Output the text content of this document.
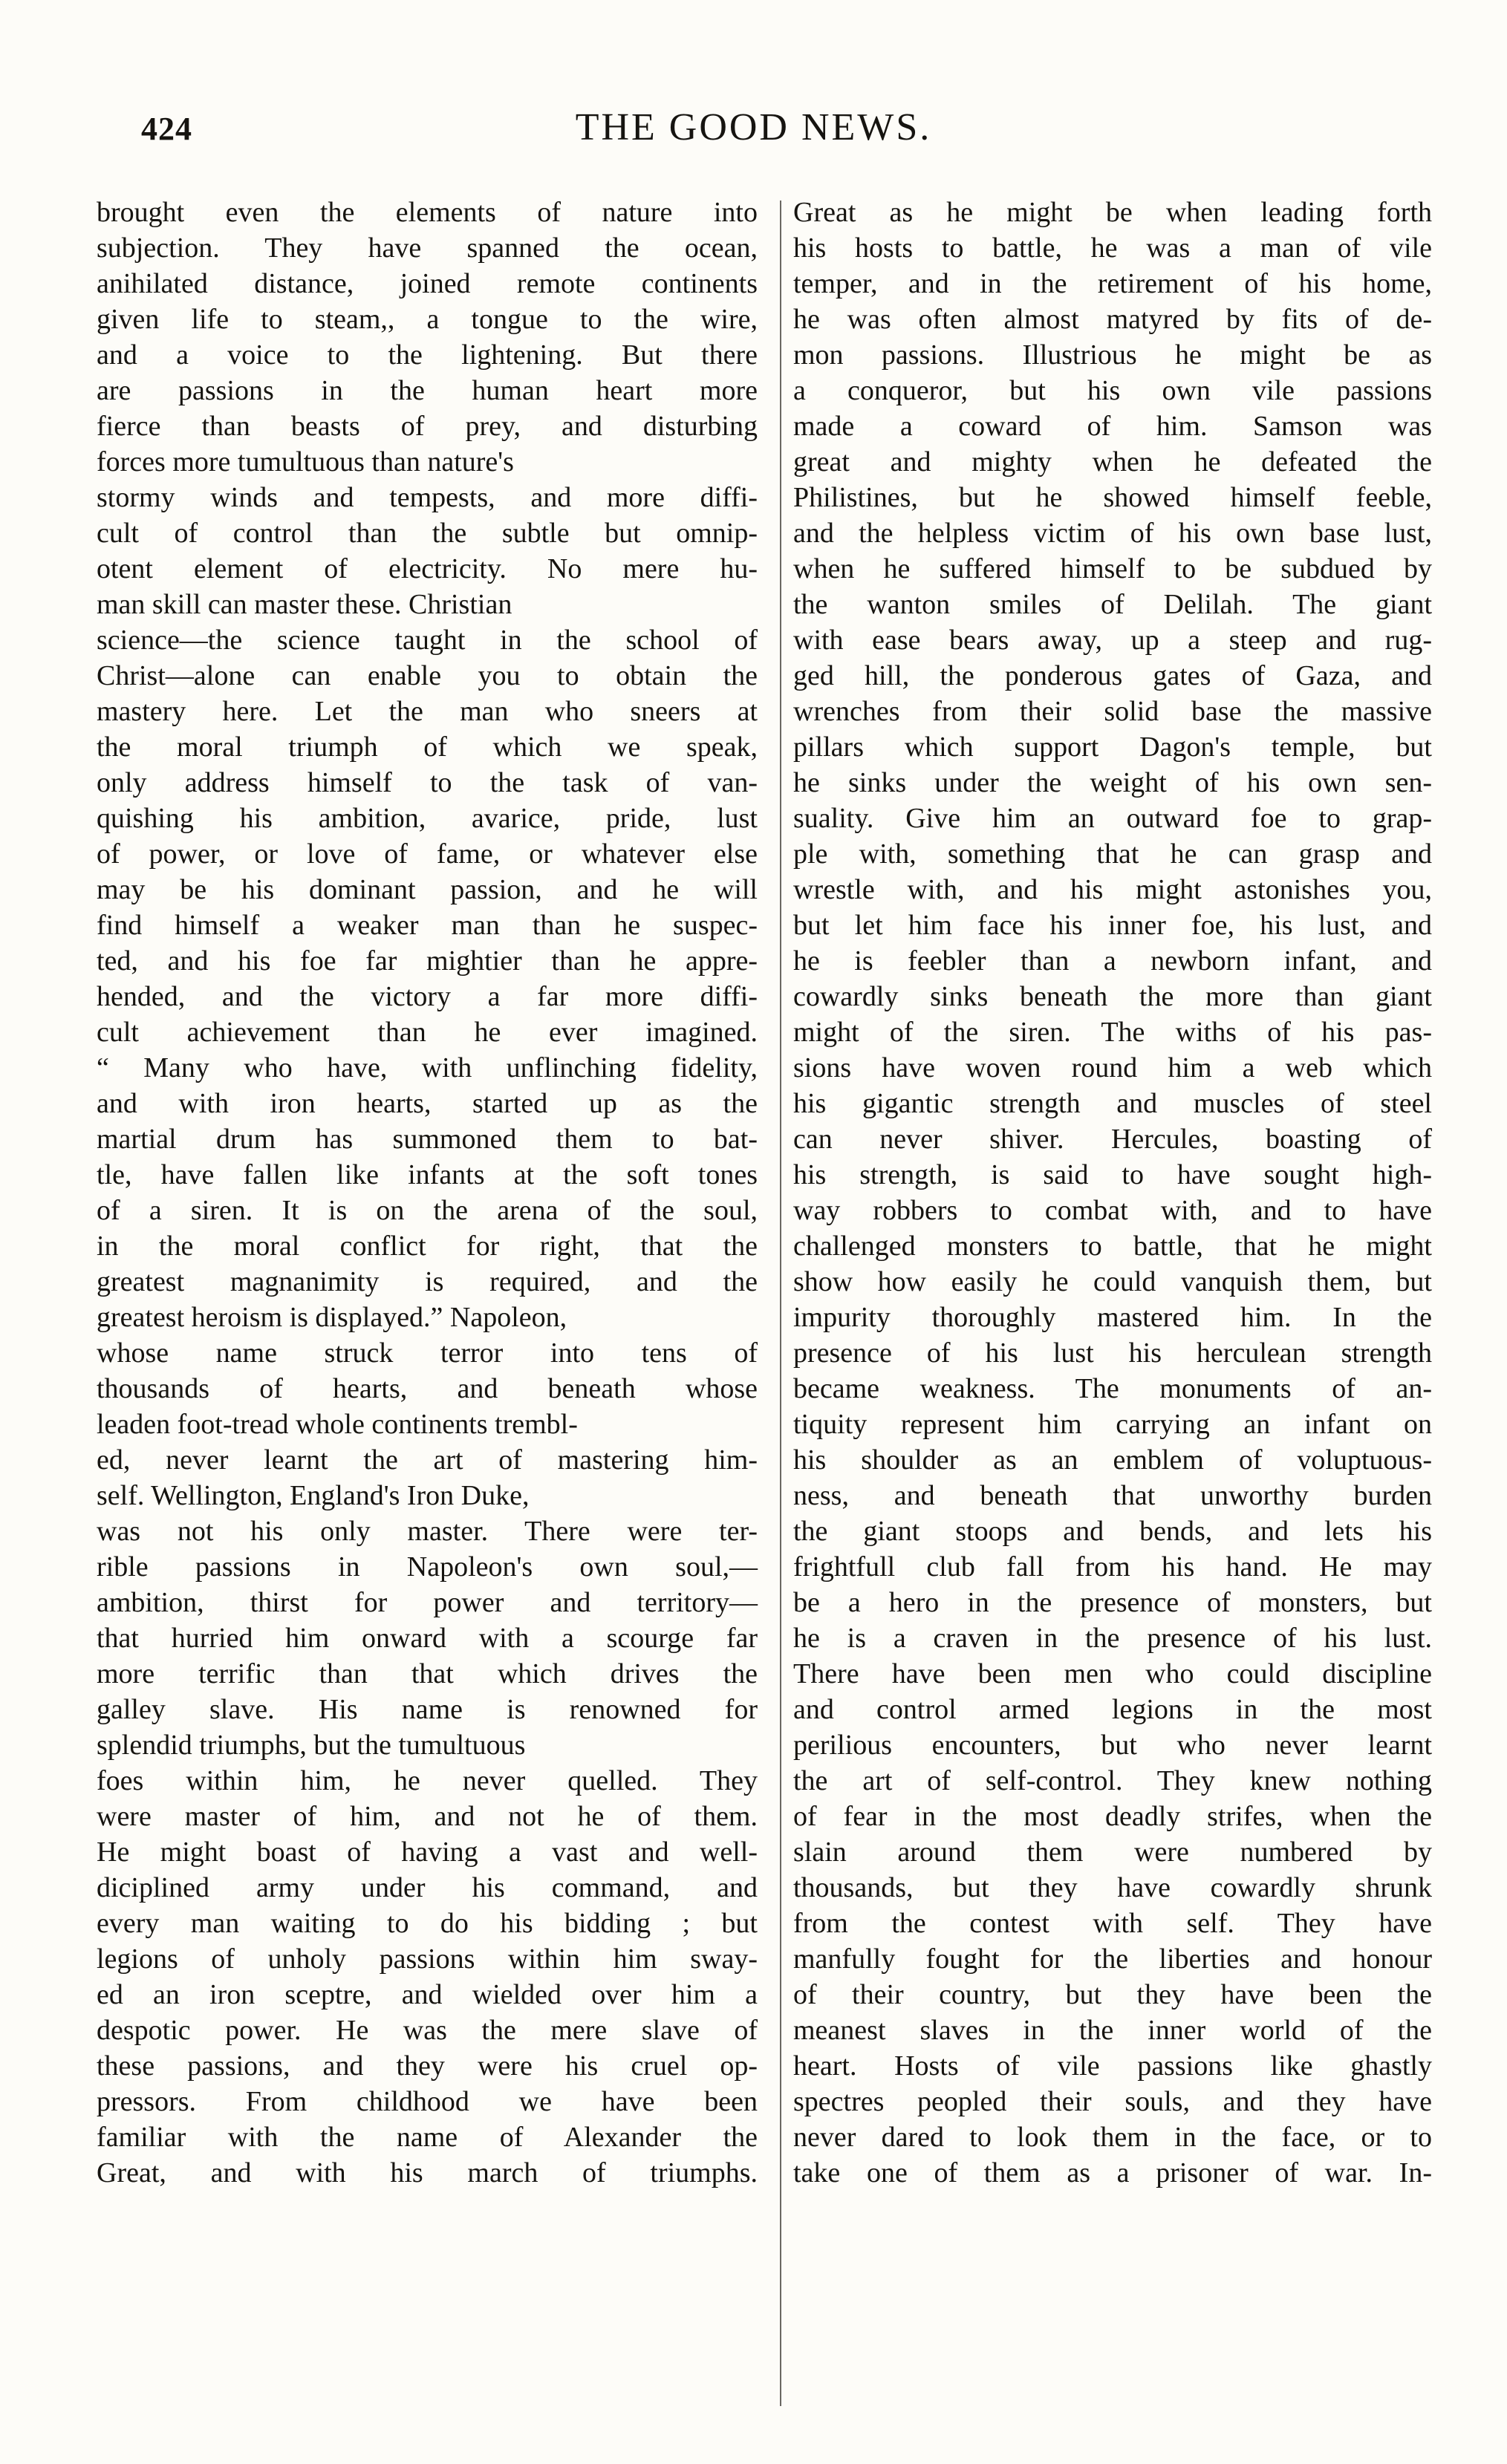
424	THE GOOD NEWS.
brought even the elements of nature into
subjection. They have spanned the ocean,
anihilated distance, joined remote continents
given life to steam,, a tongue to the wire,
and a voice to the lightening. But there
are passions in the human heart more
fierce than beasts of prey, and disturbing
forces more tumultuous than nature's
stormy winds and tempests, and more diffi-
cult of control than the subtle but omnip-
otent element of electricity. No mere hu-
man skill can master these. Christian
science—the science taught in the school of
Christ—alone can enable you to obtain the
mastery here. Let the man who sneers at
the moral triumph of which we speak,
only address himself to the task of van-
quishing his ambition, avarice, pride, lust
of power, or love of fame, or whatever else
may be his dominant passion, and he will
find himself a weaker man than he suspec-
ted, and his foe far mightier than he appre-
hended, and the victory a far more diffi-
cult achievement than he ever imagined.
“ Many who have, with unflinching fidelity,
and with iron hearts, started up as the
martial drum has summoned them to bat-
tle, have fallen like infants at the soft tones
of a siren. It is on the arena of the soul,
in the moral conflict for right, that the
greatest magnanimity is required, and the
greatest heroism is displayed.” Napoleon,
whose name struck terror into tens of
thousands of hearts, and beneath whose
leaden foot-tread whole continents trembl-
ed, never learnt the art of mastering him-
self. Wellington, England's Iron Duke,
was not his only master. There were ter-
rible passions in Napoleon's own soul,—
ambition, thirst for power and territory—
that hurried him onward with a scourge far
more terrific than that which drives the
galley slave. His name is renowned for
splendid triumphs, but the tumultuous
foes within him, he never quelled. They
were master of him, and not he of them.
He might boast of having a vast and well-
diciplined army under his command, and
every man waiting to do his bidding ; but
legions of unholy passions within him sway-
ed an iron sceptre, and wielded over him a
despotic power. He was the mere slave of
these passions, and they were his cruel op-
pressors. From childhood we have been
familiar with the name of Alexander the
Great, and with his march of triumphs.
Great as he might be when leading forth
his hosts to battle, he was a man of vile
temper, and in the retirement of his home,
he was often almost matyred by fits of de-
mon passions. Illustrious he might be as
a conqueror, but his own vile passions
made a coward of him. Samson was
great and mighty when he defeated the
Philistines, but he showed himself feeble,
and the helpless victim of his own base lust,
when he suffered himself to be subdued by
the wanton smiles of Delilah. The giant
with ease bears away, up a steep and rug-
ged hill, the ponderous gates of Gaza, and
wrenches from their solid base the massive
pillars which support Dagon's temple, but
he sinks under the weight of his own sen-
suality. Give him an outward foe to grap-
ple with, something that he can grasp and
wrestle with, and his might astonishes you,
but let him face his inner foe, his lust, and
he is feebler than a newborn infant, and
cowardly sinks beneath the more than giant
might of the siren. The withs of his pas-
sions have woven round him a web which
his gigantic strength and muscles of steel
can never shiver. Hercules, boasting of
his strength, is said to have sought high-
way robbers to combat with, and to have
challenged monsters to battle, that he might
show how easily he could vanquish them, but
impurity thoroughly mastered him. In the
presence of his lust his herculean strength
became weakness. The monuments of an-
tiquity represent him carrying an infant on
his shoulder as an emblem of voluptuous-
ness, and beneath that unworthy burden
the giant stoops and bends, and lets his
frightfull club fall from his hand. He may
be a hero in the presence of monsters, but
he is a craven in the presence of his lust.
There have been men who could discipline
and control armed legions in the most
perilious encounters, but who never learnt
the art of self-control. They knew nothing
of fear in the most deadly strifes, when the
slain around them were numbered by
thousands, but they have cowardly shrunk
from the contest with self. They have
manfully fought for the liberties and honour
of their country, but they have been the
meanest slaves in the inner world of the
heart. Hosts of vile passions like ghastly
spectres peopled their souls, and they have
never dared to look them in the face, or to
take one of them as a prisoner of war. In-
